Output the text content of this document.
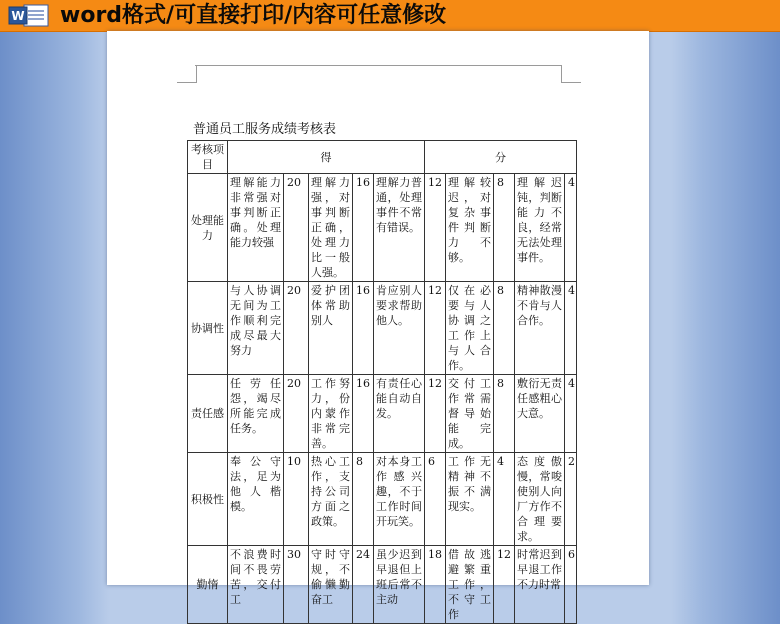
W word格式/可直接打印/内容可任意修改
普通员工服务成绩考核表
考核项目	得					分				
处理能力	理解能力非常强对事判断正确。处理能力较强	20	理解力强，对事判断正确，处理力比一般人强。	16	理解力普通，处理事件不常有错误。	12	理解较迟，对复杂事件判断力不够。	8	理解迟钝，判断能力不良，经常无法处理事件。	4
协调性	与人协调无间为工作顺利完成尽最大努力	20	爱护团体常助别人	16	肯应别人要求帮助他人。	12	仅在必要与人协调之工作上与人合作。	8	精神散漫不肯与人合作。	4
责任感	任劳任怨，竭尽所能完成任务。	20	工作努力，份内蒙作非常完善。	16	有责任心能自动自发。	12	交付工作常需督导始能完成。	8	敷衍无责任感粗心大意。	4
积极性	奉公守法，足为他人楷模。	10	热心工作，支持公司方面之政策。	8	对本身工作感兴趣，不于工作时间开玩笑。	6	工作无精神不振不满现实。	4	态度傲慢，常唆使别人向厂方作不合理要求。	2
勤惰	不浪费时间不畏劳苦，交付工	30	守时守规，不偷懒勤奋工	24	虽少迟到早退但上班后常不主动	18	借故逃避繁重工作，不守工作	12	时常迟到早退工作不力时常	6
